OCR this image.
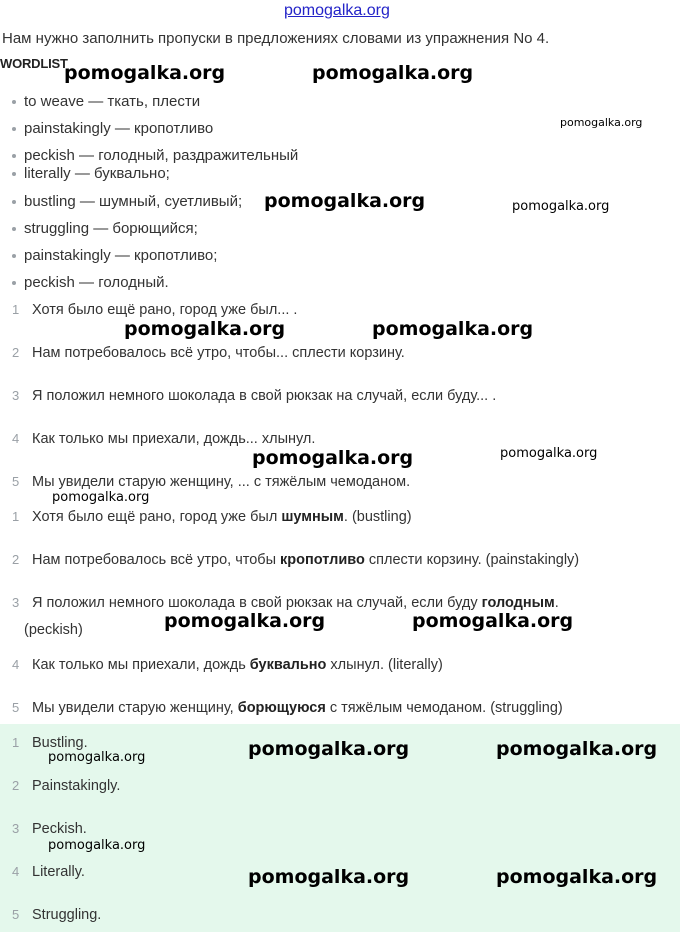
pomogalka.org
Нам нужно заполнить пропуски в предложениях словами из упражнения No 4.
WORDLIST
to weave — ткать, плести
painstakingly — кропотливо
peckish — голодный, раздражительный
literally — буквально;
bustling — шумный, суетливый;
struggling — борющийся;
painstakingly — кропотливо;
peckish — голодный.
1 Хотя было ещё рано, город уже был... .
2 Нам потребовалось всё утро, чтобы... сплести корзину.
3 Я положил немного шоколада в свой рюкзак на случай, если буду... .
4 Как только мы приехали, дождь... хлынул.
5 Мы увидели старую женщину, ... с тяжёлым чемоданом.
1 Хотя было ещё рано, город уже был шумным. (bustling)
2 Нам потребовалось всё утро, чтобы кропотливо сплести корзину. (painstakingly)
3 Я положил немного шоколада в свой рюкзак на случай, если буду голодным.
(peckish)
4 Как только мы приехали, дождь буквально хлынул. (literally)
5 Мы увидели старую женщину, борющуюся с тяжёлым чемоданом. (struggling)
1 Bustling.
2 Painstakingly.
3 Peckish.
4 Literally.
5 Struggling.
pomogalka.org	pomogalka.org
pomogalka.org
pomogalka.org	pomogalka.org
pomogalka.org	pomogalka.org
pomogalka.org	pomogalka.org
pomogalka.org
pomogalka.org	pomogalka.org
pomogalka.org	pomogalka.org
pomogalka.org
pomogalka.org
pomogalka.org	pomogalka.org
